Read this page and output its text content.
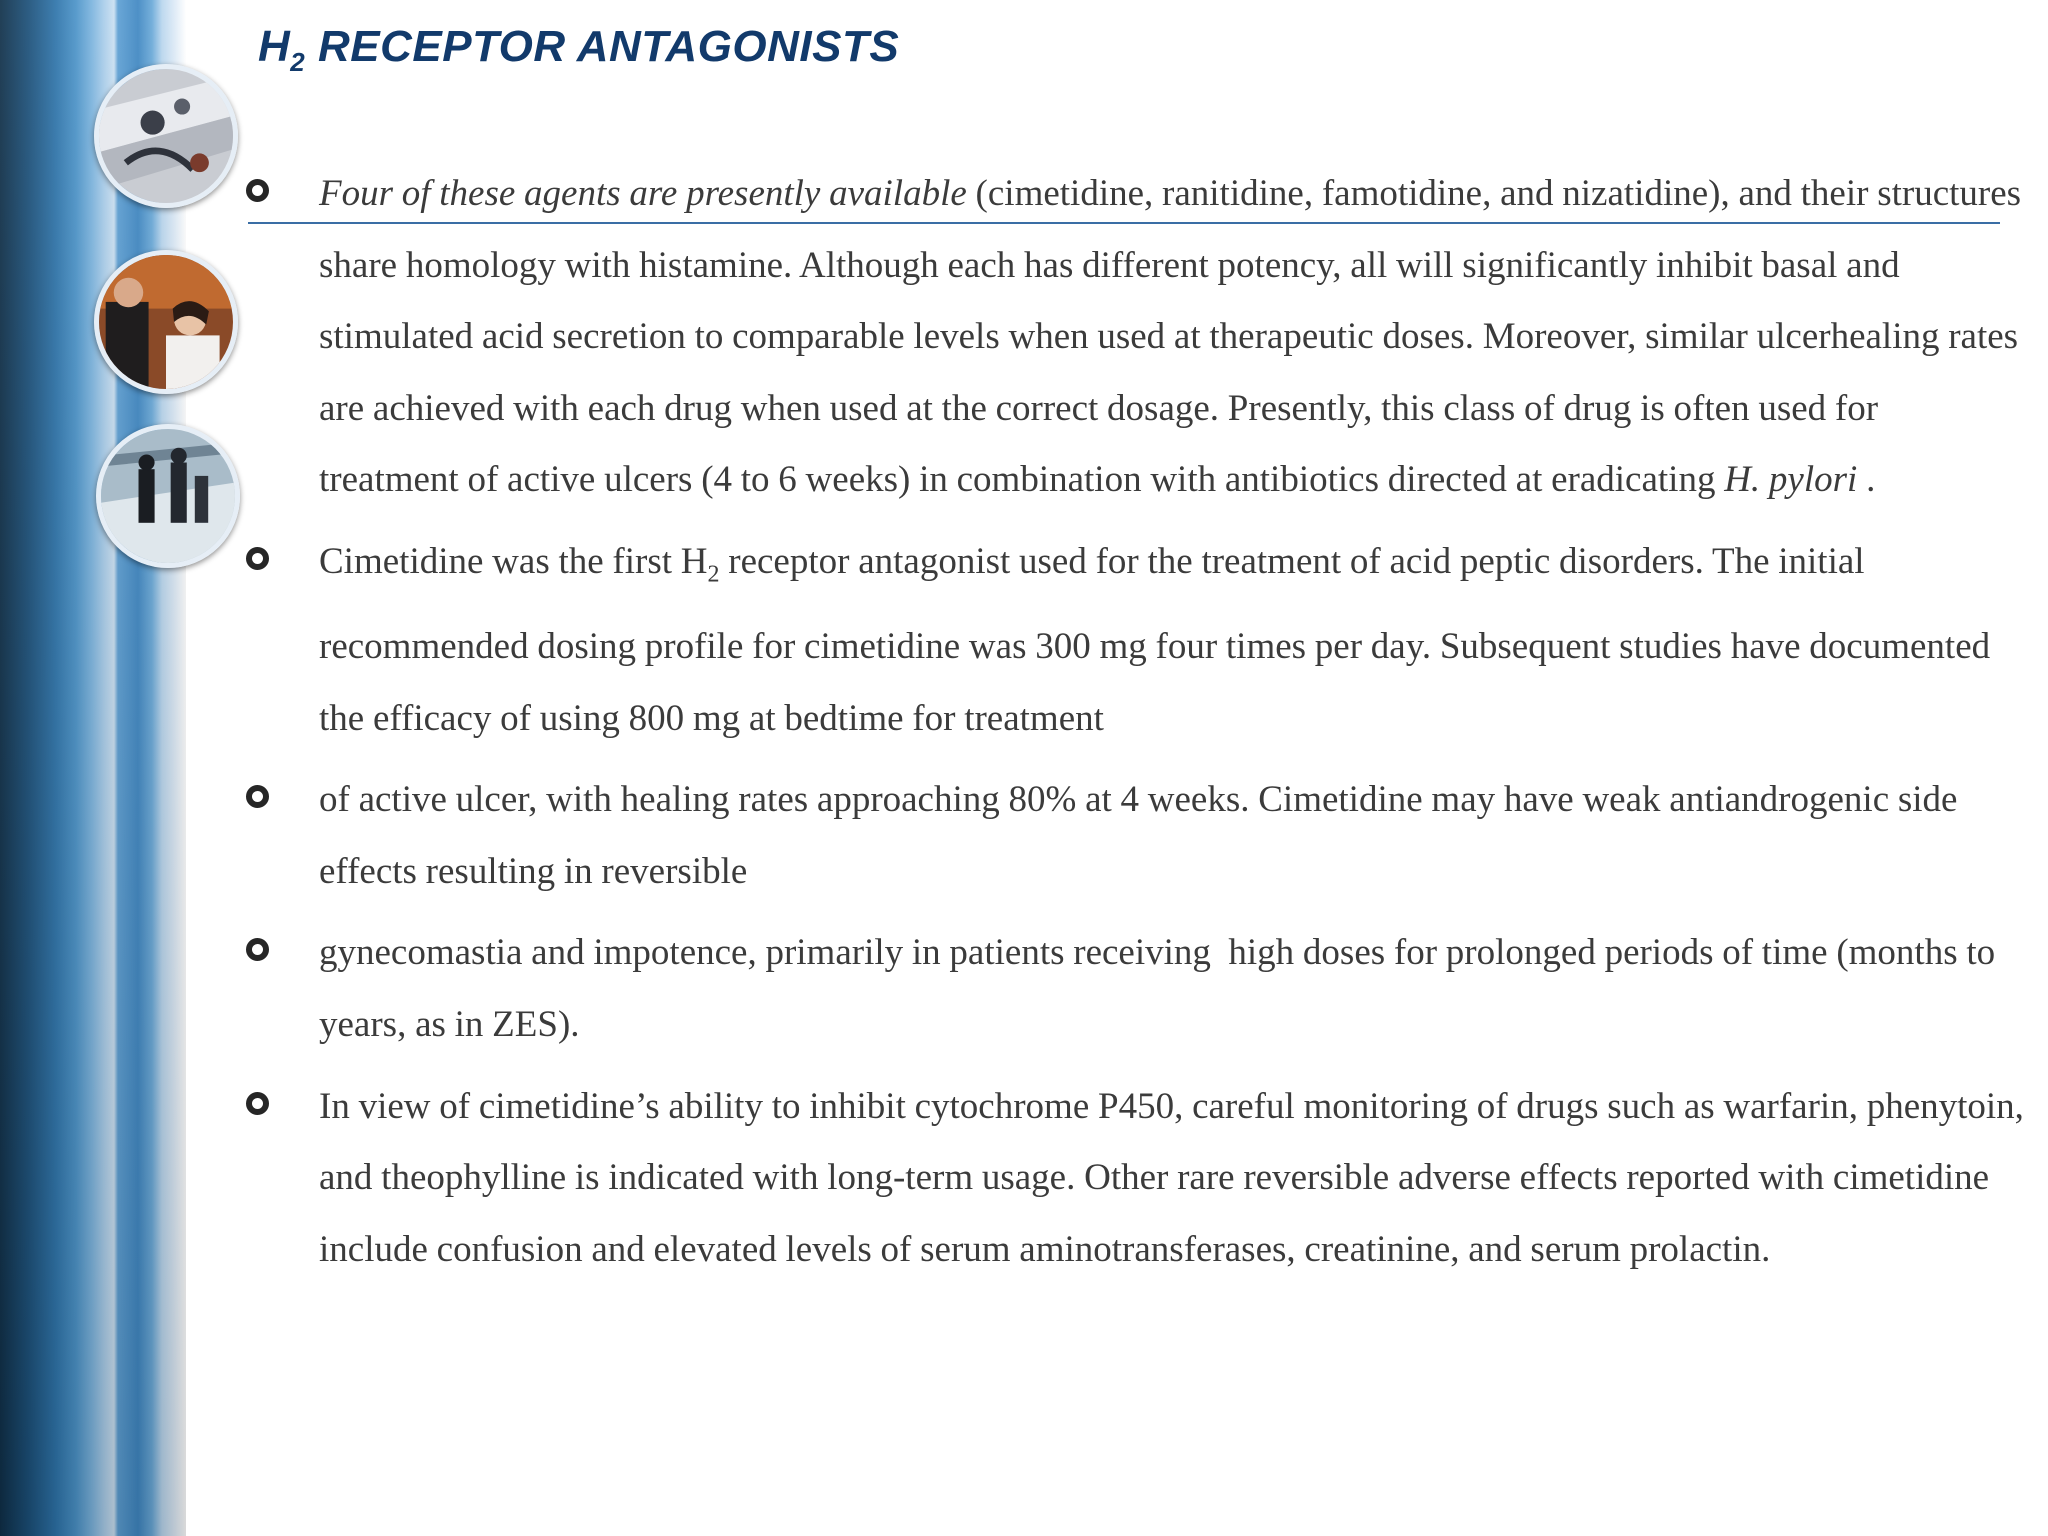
$H_2$ RECEPTOR ANTAGONISTS

Four of these agents are presently available (cimetidine, ranitidine, famotidine, and nizatidine), and their structures share homology with histamine. Although each has different potency, all will significantly inhibit basal and stimulated acid secretion to comparable levels when used at therapeutic doses. Moreover, similar ulcerhealing rates are achieved with each drug when used at the correct dosage. Presently, this class of drug is often used for treatment of active ulcers (4 to 6 weeks) in combination with antibiotics directed at eradicating H. pylori .

Cimetidine was the first $H_2$ receptor antagonist used for the treatment of acid peptic disorders. The initial recommended dosing profile for cimetidine was 300 mg four times per day. Subsequent studies have documented the efficacy of using 800 mg at bedtime for treatment

of active ulcer, with healing rates approaching 80% at 4 weeks. Cimetidine may have weak antiandrogenic side effects resulting in reversible

gynecomastia and impotence, primarily in patients receiving  high doses for prolonged periods of time (months to years, as in ZES).

In view of cimetidine’s ability to inhibit cytochrome P450, careful monitoring of drugs such as warfarin, phenytoin, and theophylline is indicated with long-term usage. Other rare reversible adverse effects reported with cimetidine include confusion and elevated levels of serum aminotransferases, creatinine, and serum prolactin.
